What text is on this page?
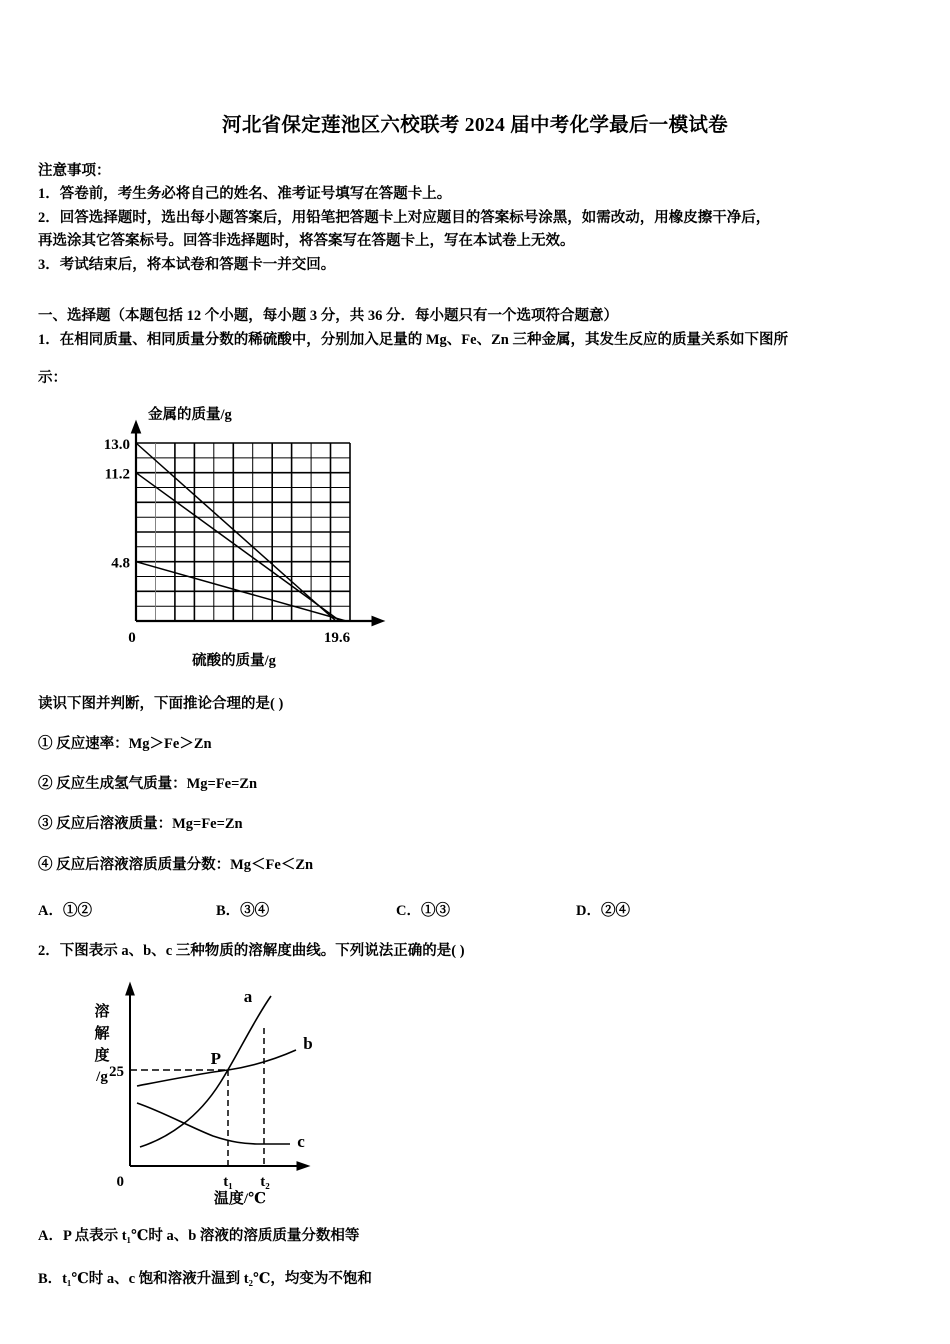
河北省保定莲池区六校联考 2024 届中考化学最后一模试卷
注意事项：
1．答卷前，考生务必将自己的姓名、准考证号填写在答题卡上。
2．回答选择题时，选出每小题答案后，用铅笔把答题卡上对应题目的答案标号涂黑，如需改动，用橡皮擦干净后，
再选涂其它答案标号。回答非选择题时，将答案写在答题卡上，写在本试卷上无效。
3．考试结束后，将本试卷和答题卡一并交回。
一、选择题（本题包括 12 个小题，每小题 3 分，共 36 分．每小题只有一个选项符合题意）
1．在相同质量、相同质量分数的稀硫酸中，分别加入足量的 Mg、Fe、Zn 三种金属，其发生反应的质量关系如下图所
示：
13.0
11.2
4.8
0	19.6
金属的质量/g
硫酸的质量/g
读识下图并判断，下面推论合理的是( )
① 反应速率：Mg＞Fe＞Zn
② 反应生成氢气质量：Mg=Fe=Zn
③ 反应后溶液质量：Mg=Fe=Zn
④ 反应后溶液溶质质量分数：Mg＜Fe＜Zn
A．①②	B．③④	C．①③	D．②④
2．下图表示 a、b、c 三种物质的溶解度曲线。下列说法正确的是( )
25
0	t₁ t₂
P
a
b
c
溶
解
度
/g
温度/℃
A．P 点表示 t₁℃时 a、b 溶液的溶质质量分数相等
B．t₁℃时 a、c 饱和溶液升温到 t₂℃，均变为不饱和
